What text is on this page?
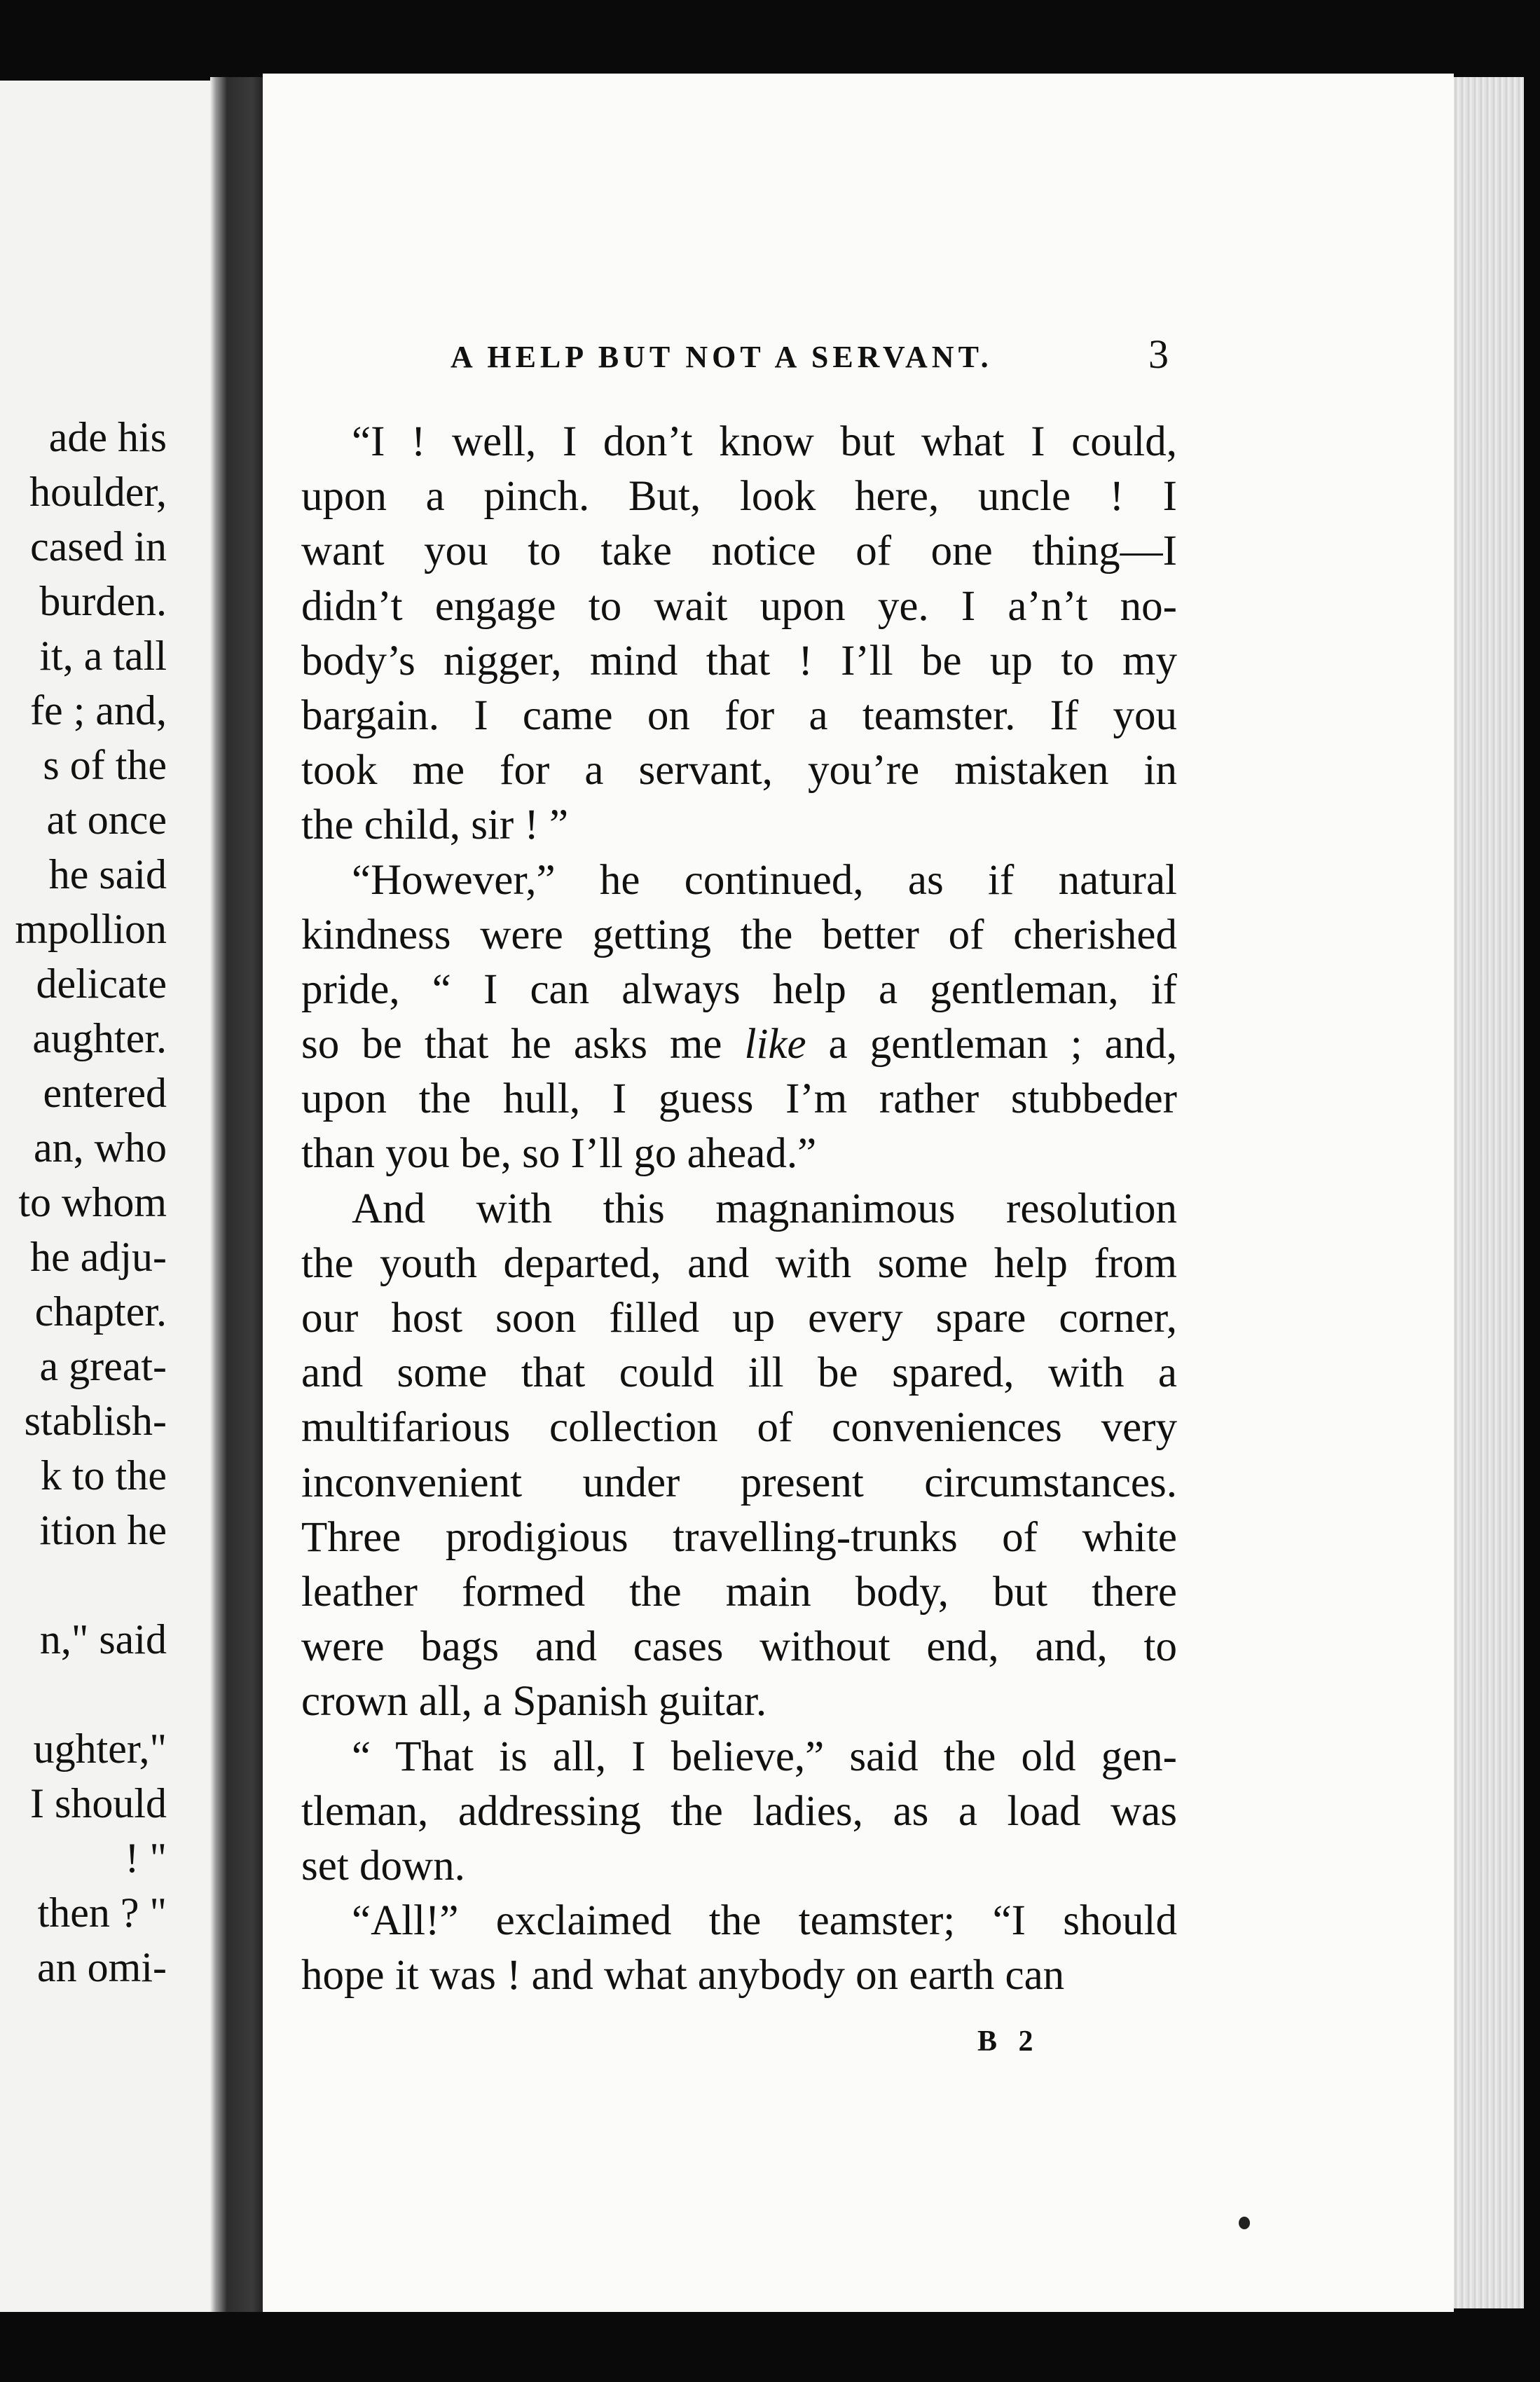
ade his
houlder,
cased in
burden.
it, a tall
fe ; and,
s of the
at once
he said
mpollion
delicate
aughter.
entered
an, who
to whom
he adju-
chapter.
a great-
stablish-
k to the
ition he
n," said
ughter,"
I should
! "
then ? "
an omi-
A HELP BUT NOT A SERVANT.	3
“I ! well, I don’t know but what I could,
upon a pinch. But, look here, uncle ! I
want you to take notice of one thing—I
didn’t engage to wait upon ye. I a’n’t no-
body’s nigger, mind that ! I’ll be up to my
bargain. I came on for a teamster. If you
took me for a servant, you’re mistaken in
the child, sir ! ”
“However,” he continued, as if natural
kindness were getting the better of cherished
pride, “ I can always help a gentleman, if
so be that he asks me like a gentleman ; and,
upon the hull, I guess I’m rather stubbeder
than you be, so I’ll go ahead.”
And with this magnanimous resolution
the youth departed, and with some help from
our host soon filled up every spare corner,
and some that could ill be spared, with a
multifarious collection of conveniences very
inconvenient under present circumstances.
Three prodigious travelling-trunks of white
leather formed the main body, but there
were bags and cases without end, and, to
crown all, a Spanish guitar.
“ That is all, I believe,” said the old gen-
tleman, addressing the ladies, as a load was
set down.
“All!” exclaimed the teamster; “I should
hope it was ! and what anybody on earth can
B 2
